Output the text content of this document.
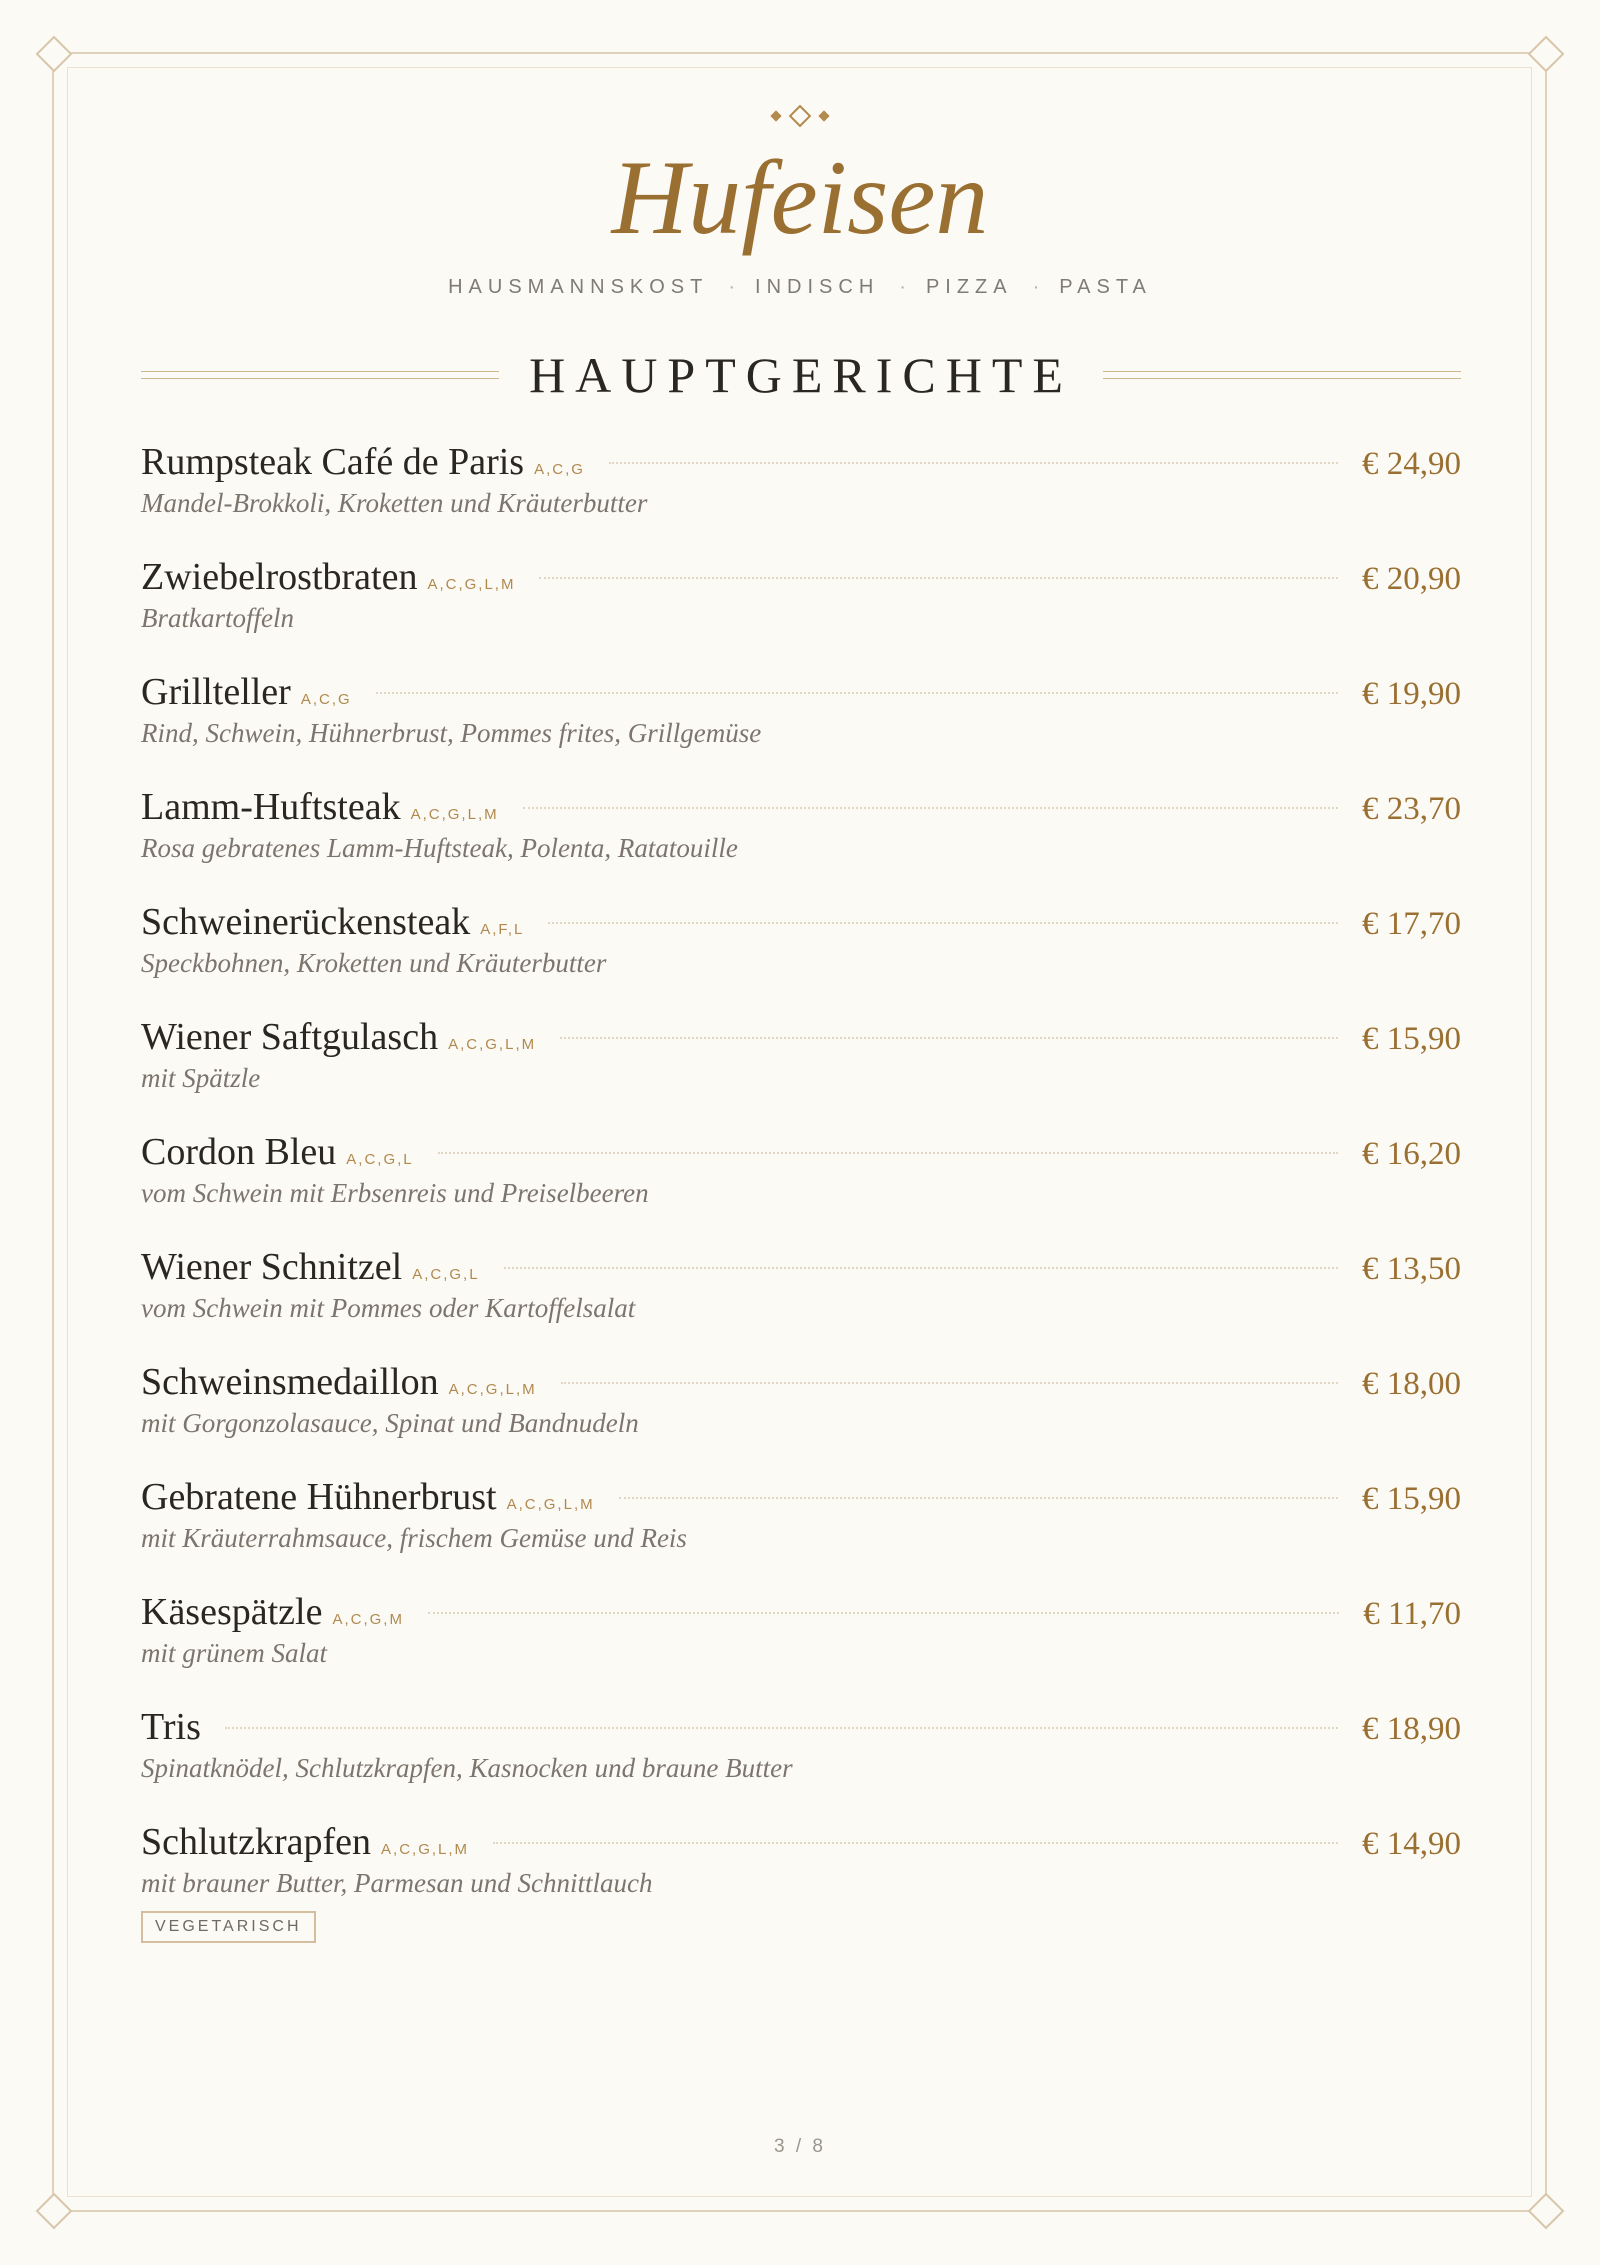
Hufeisen
HAUSMANNSKOST · INDISCH · PIZZA · PASTA
HAUPTGERICHTE
Rumpsteak Café de Paris A,C,G	€ 24,90
Mandel-Brokkoli, Kroketten und Kräuterbutter
Zwiebelrostbraten A,C,G,L,M	€ 20,90
Bratkartoffeln
Grillteller A,C,G	€ 19,90
Rind, Schwein, Hühnerbrust, Pommes frites, Grillgemüse
Lamm-Huftsteak A,C,G,L,M	€ 23,70
Rosa gebratenes Lamm-Huftsteak, Polenta, Ratatouille
Schweinerückensteak A,F,L	€ 17,70
Speckbohnen, Kroketten und Kräuterbutter
Wiener Saftgulasch A,C,G,L,M	€ 15,90
mit Spätzle
Cordon Bleu A,C,G,L	€ 16,20
vom Schwein mit Erbsenreis und Preiselbeeren
Wiener Schnitzel A,C,G,L	€ 13,50
vom Schwein mit Pommes oder Kartoffelsalat
Schweinsmedaillon A,C,G,L,M	€ 18,00
mit Gorgonzolasauce, Spinat und Bandnudeln
Gebratene Hühnerbrust A,C,G,L,M	€ 15,90
mit Kräuterrahmsauce, frischem Gemüse und Reis
Käsespätzle A,C,G,M	€ 11,70
mit grünem Salat
Tris	€ 18,90
Spinatknödel, Schlutzkrapfen, Kasnocken und braune Butter
Schlutzkrapfen A,C,G,L,M	€ 14,90
mit brauner Butter, Parmesan und Schnittlauch
VEGETARISCH
3 / 8
